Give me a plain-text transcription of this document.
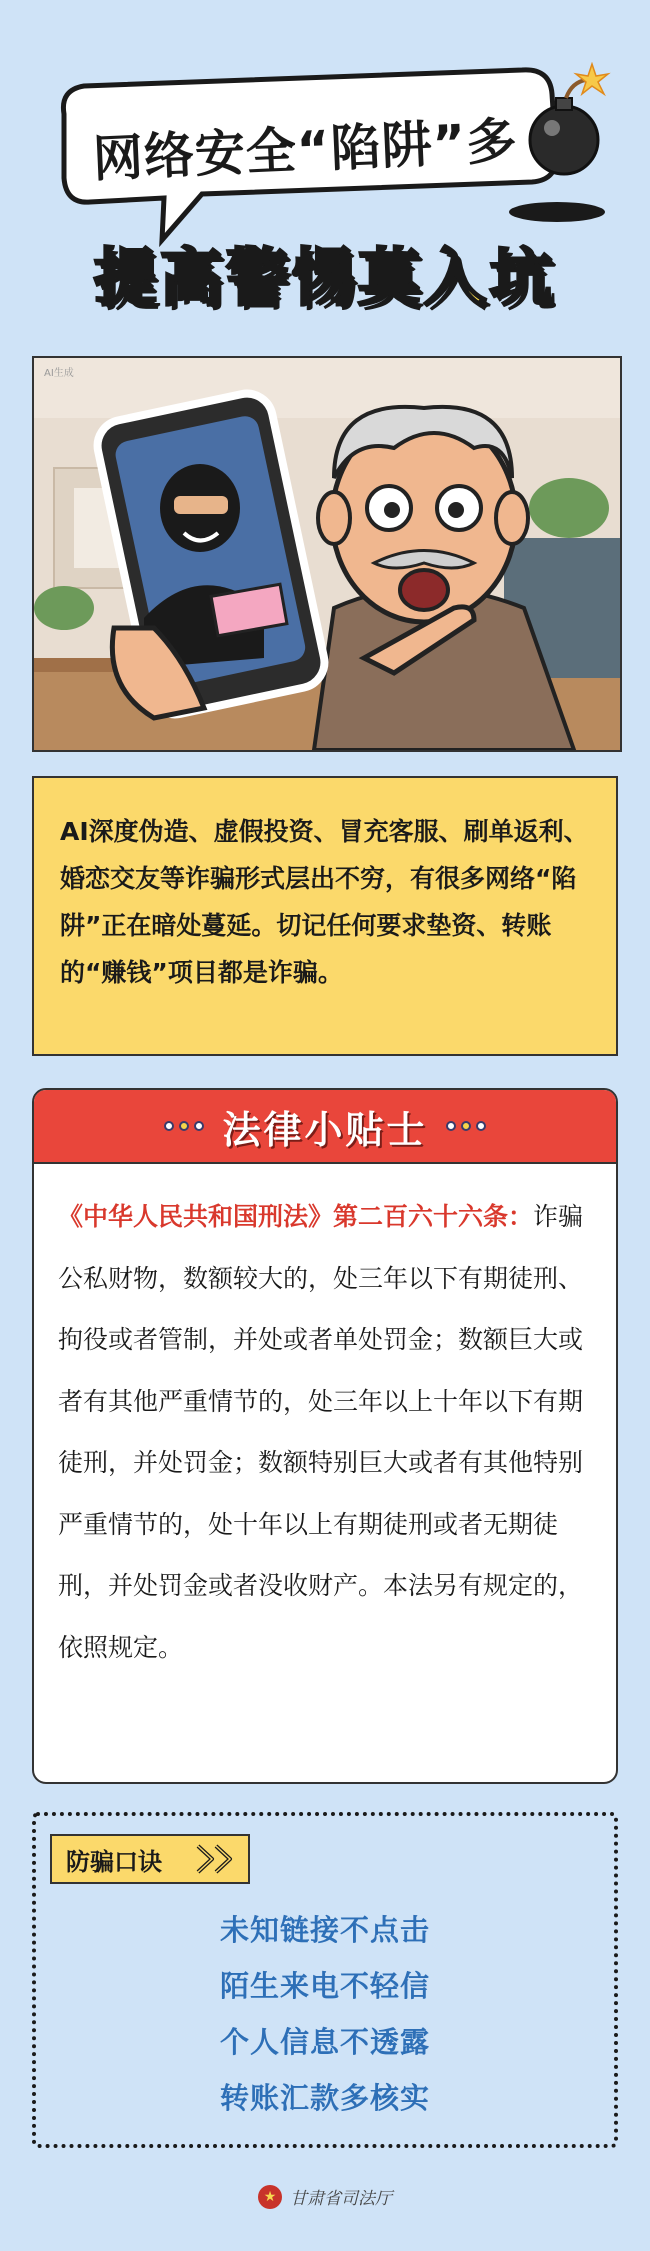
网络安全“陷阱”多
提高警惕莫入坑
AI生成
AI深度伪造、虚假投资、冒充客服、刷单返利、婚恋交友等诈骗形式层出不穷，有很多网络“陷阱”正在暗处蔓延。切记任何要求垫资、转账的“赚钱”项目都是诈骗。
法律小贴士
《中华人民共和国刑法》第二百六十六条：诈骗公私财物，数额较大的，处三年以下有期徒刑、拘役或者管制，并处或者单处罚金；数额巨大或者有其他严重情节的，处三年以上十年以下有期徒刑，并处罚金；数额特别巨大或者有其他特别严重情节的，处十年以上有期徒刑或者无期徒刑，并处罚金或者没收财产。本法另有规定的，依照规定。
防骗口诀
未知链接不点击
陌生来电不轻信
个人信息不透露
转账汇款多核实
★ 甘肃省司法厅
